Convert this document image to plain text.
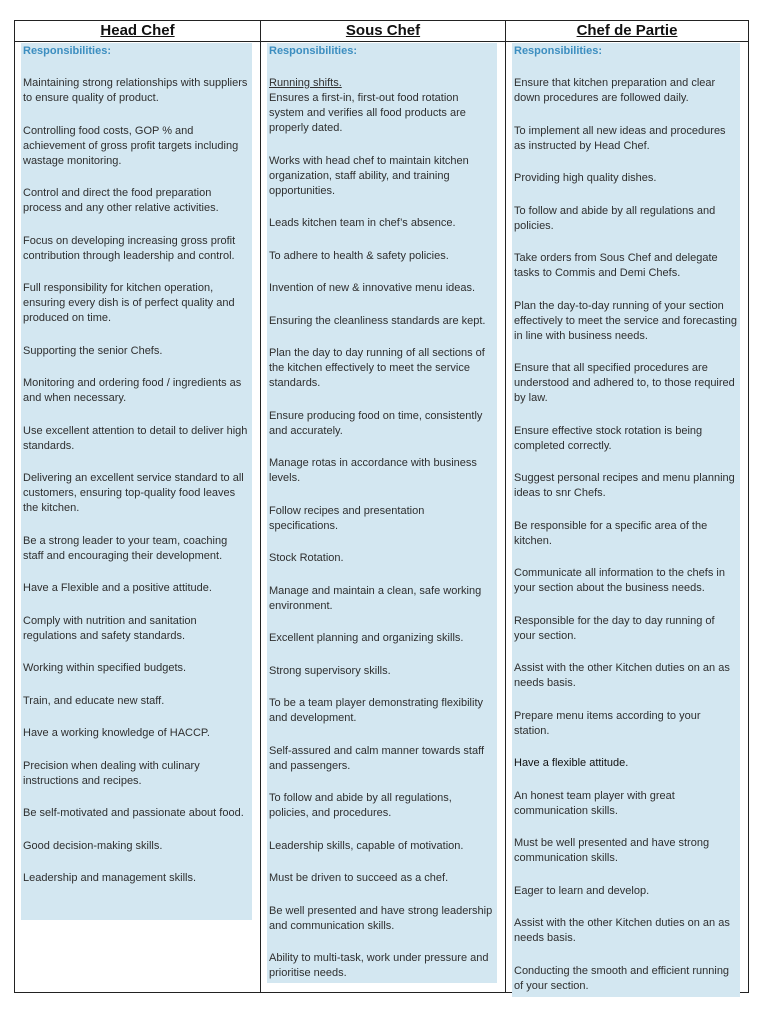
Head Chef
Responsibilities:
Maintaining strong relationships with suppliers to ensure quality of product.
Controlling food costs, GOP % and achievement of gross profit targets including wastage monitoring.
Control and direct the food preparation process and any other relative activities.
Focus on developing increasing gross profit contribution through leadership and control.
Full responsibility for kitchen operation, ensuring every dish is of perfect quality and produced on time.
Supporting the senior Chefs.
Monitoring and ordering food / ingredients as and when necessary.
Use excellent attention to detail to deliver high standards.
Delivering an excellent service standard to all customers, ensuring top-quality food leaves the kitchen.
Be a strong leader to your team, coaching staff and encouraging their development.
Have a Flexible and a positive attitude.
Comply with nutrition and sanitation regulations and safety standards.
Working within specified budgets.
Train, and educate new staff.
Have a working knowledge of HACCP.
Precision when dealing with culinary instructions and recipes.
Be self-motivated and passionate about food.
Good decision-making skills.
Leadership and management skills.
Sous Chef
Responsibilities:
Running shifts.
Ensures a first-in, first-out food rotation system and verifies all food products are properly dated.
Works with head chef to maintain kitchen organization, staff ability, and training opportunities.
Leads kitchen team in chef’s absence.
To adhere to health & safety policies.
Invention of new & innovative menu ideas.
Ensuring the cleanliness standards are kept.
Plan the day to day running of all sections of the kitchen effectively to meet the service standards.
Ensure producing food on time, consistently and accurately.
Manage rotas in accordance with business levels.
Follow recipes and presentation specifications.
Stock Rotation.
Manage and maintain a clean, safe working environment.
Excellent planning and organizing skills.
Strong supervisory skills.
To be a team player demonstrating flexibility and development.
Self-assured and calm manner towards staff and passengers.
To follow and abide by all regulations, policies, and procedures.
Leadership skills, capable of motivation.
Must be driven to succeed as a chef.
Be well presented and have strong leadership and communication skills.
Ability to multi-task, work under pressure and prioritise needs.
Chef de Partie
Responsibilities:
Ensure that kitchen preparation and clear down procedures are followed daily.
To implement all new ideas and procedures as instructed by Head Chef.
Providing high quality dishes.
To follow and abide by all regulations and policies.
Take orders from Sous Chef and delegate tasks to Commis and Demi Chefs.
Plan the day-to-day running of your section effectively to meet the service and forecasting in line with business needs.
Ensure that all specified procedures are understood and adhered to, to those required by law.
Ensure effective stock rotation is being completed correctly.
Suggest personal recipes and menu planning ideas to snr Chefs.
Be responsible for a specific area of the kitchen.
Communicate all information to the chefs in your section about the business needs.
Responsible for the day to day running of your section.
Assist with the other Kitchen duties on an as needs basis.
Prepare menu items according to your station.
Have a flexible attitude.
An honest team player with great communication skills.
Must be well presented and have strong communication skills.
Eager to learn and develop.
Assist with the other Kitchen duties on an as needs basis.
Conducting the smooth and efficient running of your section.
